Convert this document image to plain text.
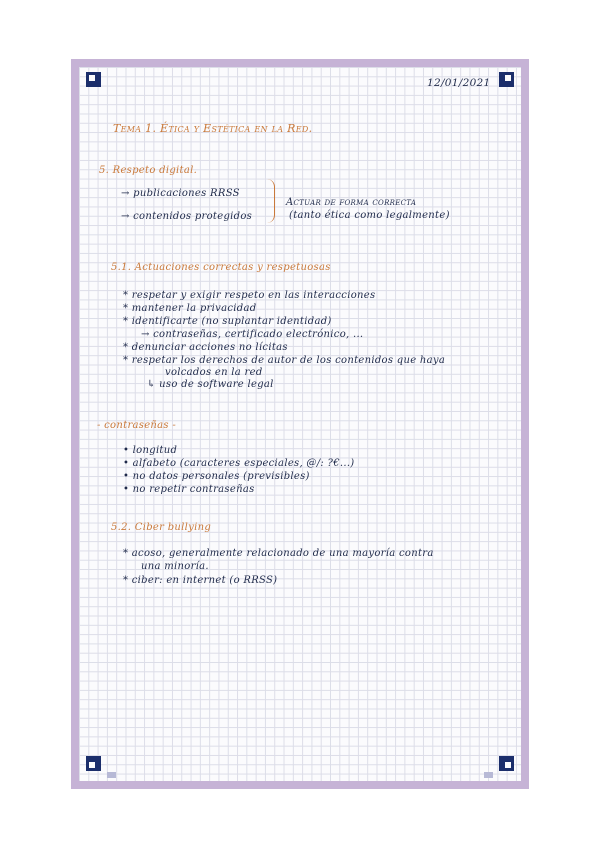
12/01/2021
Tema 1. Ética y Estética en la Red.
5. Respeto digital.
→ publicaciones RRSS
→ contenidos protegidos
Actuar de forma correcta
(tanto ética como legalmente)
5.1. Actuaciones correctas y respetuosas
* respetar y exigir respeto en las interacciones
* mantener la privacidad
* identificarte (no suplantar identidad)
→ contraseñas, certificado electrónico, ...
* denunciar acciones no lícitas
* respetar los derechos de autor de los contenidos que haya
volcados en la red
↳ uso de software legal
- contraseñas -
• longitud
• alfabeto (caracteres especiales, @/: ?€...)
• no datos personales (previsibles)
• no repetir contraseñas
5.2. Ciber bullying
* acoso, generalmente relacionado de una mayoría contra
una minoría.
* ciber: en internet (o RRSS)
